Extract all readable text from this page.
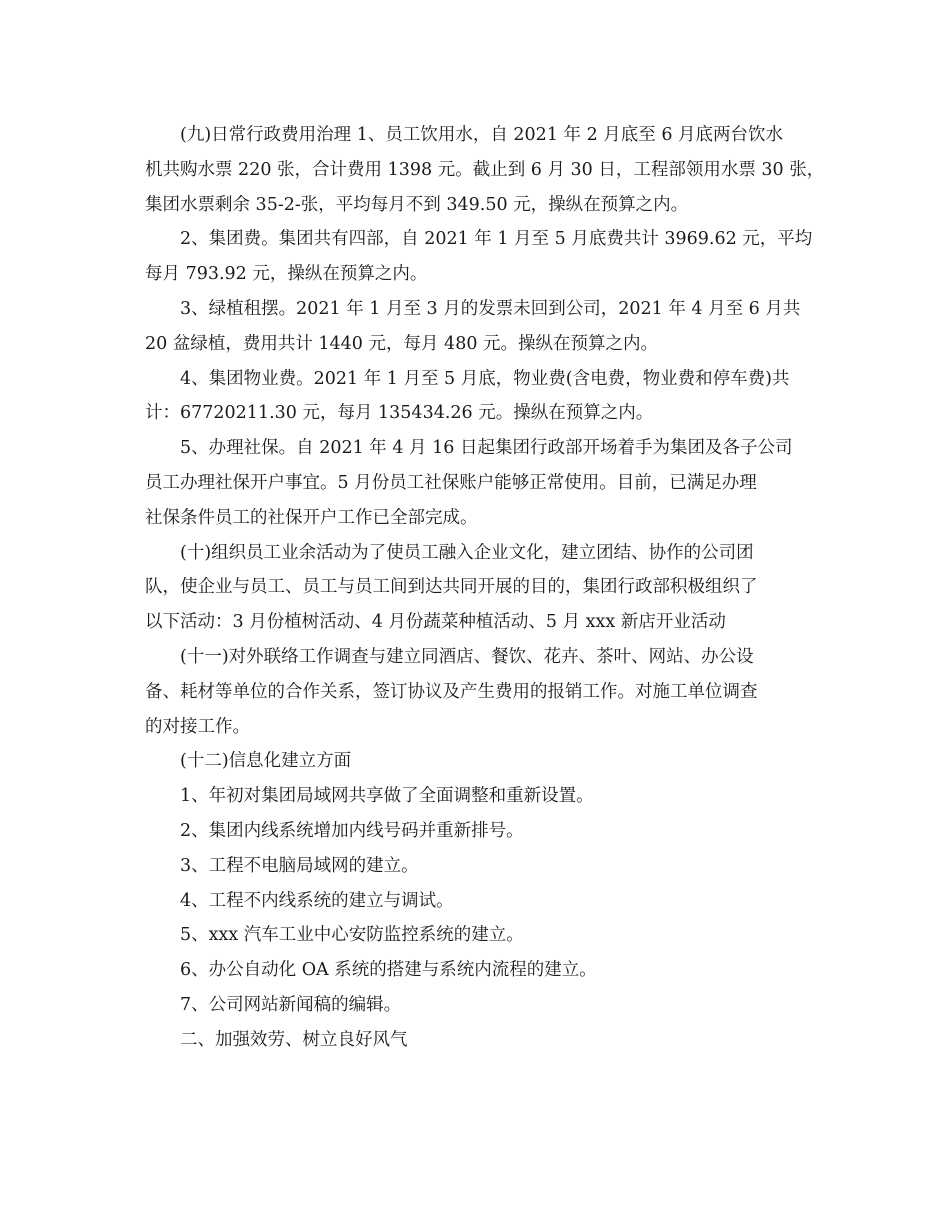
(九)日常行政费用治理 1、员工饮用水，自 2021 年 2 月底至 6 月底两台饮水
机共购水票 220 张，合计费用 1398 元。截止到 6 月 30 日，工程部领用水票 30 张，
集团水票剩余 35-2-张，平均每月不到 349.50 元，操纵在预算之内。
2、集团费。集团共有四部，自 2021 年 1 月至 5 月底费共计 3969.62 元，平均
每月 793.92 元，操纵在预算之内。
3、绿植租摆。2021 年 1 月至 3 月的发票未回到公司，2021 年 4 月至 6 月共
20 盆绿植，费用共计 1440 元，每月 480 元。操纵在预算之内。
4、集团物业费。2021 年 1 月至 5 月底，物业费(含电费，物业费和停车费)共
计：67720211.30 元，每月 135434.26 元。操纵在预算之内。
5、办理社保。自 2021 年 4 月 16 日起集团行政部开场着手为集团及各子公司
员工办理社保开户事宜。5 月份员工社保账户能够正常使用。目前，已满足办理
社保条件员工的社保开户工作已全部完成。
(十)组织员工业余活动为了使员工融入企业文化，建立团结、协作的公司团
队，使企业与员工、员工与员工间到达共同开展的目的，集团行政部积极组织了
以下活动：3 月份植树活动、4 月份蔬菜种植活动、5 月 xxx 新店开业活动
(十一)对外联络工作调查与建立同酒店、餐饮、花卉、茶叶、网站、办公设
备、耗材等单位的合作关系，签订协议及产生费用的报销工作。对施工单位调查
的对接工作。
(十二)信息化建立方面
1、年初对集团局域网共享做了全面调整和重新设置。
2、集团内线系统增加内线号码并重新排号。
3、工程不电脑局域网的建立。
4、工程不内线系统的建立与调试。
5、xxx 汽车工业中心安防监控系统的建立。
6、办公自动化 OA 系统的搭建与系统内流程的建立。
7、公司网站新闻稿的编辑。
二、加强效劳、树立良好风气
